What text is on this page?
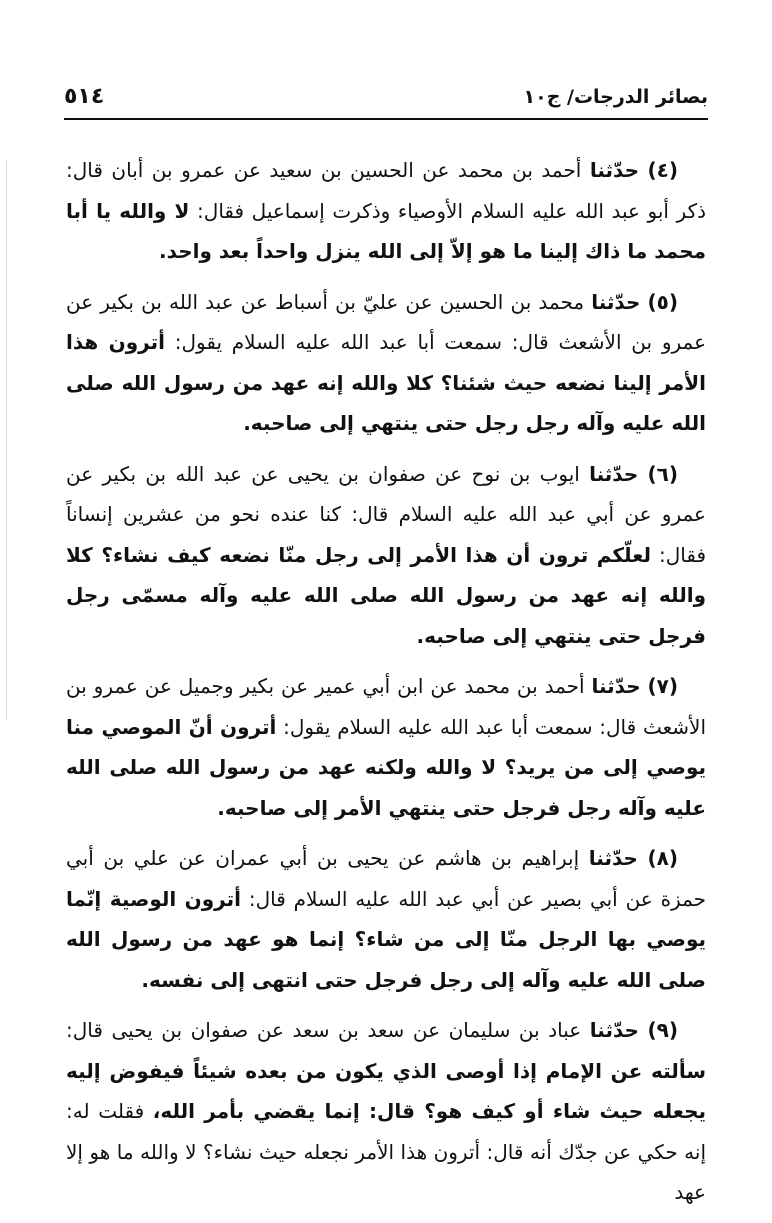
بصائر الدرجات/ ج١٠
٥١٤

(٤) حدّثنا أحمد بن محمد عن الحسين بن سعيد عن عمرو بن أبان قال: ذكر أبو عبد الله عليه السلام الأوصياء وذكرت إسماعيل فقال: لا والله يا أبا محمد ما ذاك إلينا ما هو إلاّ إلى الله ينزل واحداً بعد واحد.

(٥) حدّثنا محمد بن الحسين عن عليّ بن أسباط عن عبد الله بن بكير عن عمرو بن الأشعث قال: سمعت أبا عبد الله عليه السلام يقول: أترون هذا الأمر إلينا نضعه حيث شئنا؟ كلا والله إنه عهد من رسول الله صلى الله عليه وآله رجل رجل حتى ينتهي إلى صاحبه.

(٦) حدّثنا ايوب بن نوح عن صفوان بن يحيى عن عبد الله بن بكير عن عمرو عن أبي عبد الله عليه السلام قال: كنا عنده نحو من عشرين إنساناً فقال: لعلّكم ترون أن هذا الأمر إلى رجل منّا نضعه كيف نشاء؟ كلا والله إنه عهد من رسول الله صلى الله عليه وآله مسمّى رجل فرجل حتى ينتهي إلى صاحبه.

(٧) حدّثنا أحمد بن محمد عن ابن أبي عمير عن بكير وجميل عن عمرو بن الأشعث قال: سمعت أبا عبد الله عليه السلام يقول: أترون أنّ الموصي منا يوصي إلى من يريد؟ لا والله ولكنه عهد من رسول الله صلى الله عليه وآله رجل فرجل حتى ينتهي الأمر إلى صاحبه.

(٨) حدّثنا إبراهيم بن هاشم عن يحيى بن أبي عمران عن علي بن أبي حمزة عن أبي بصير عن أبي عبد الله عليه السلام قال: أترون الوصية إنّما يوصي بها الرجل منّا إلى من شاء؟ إنما هو عهد من رسول الله صلى الله عليه وآله إلى رجل فرجل حتى انتهى إلى نفسه.

(٩) حدّثنا عباد بن سليمان عن سعد بن سعد عن صفوان بن يحيى قال: سألته عن الإمام إذا أوصى الذي يكون من بعده شيئاً فيفوض إليه يجعله حيث شاء أو كيف هو؟ قال: إنما يقضي بأمر الله، فقلت له: إنه حكي عن جدّك أنه قال: أترون هذا الأمر نجعله حيث نشاء؟ لا والله ما هو إلا عهد
